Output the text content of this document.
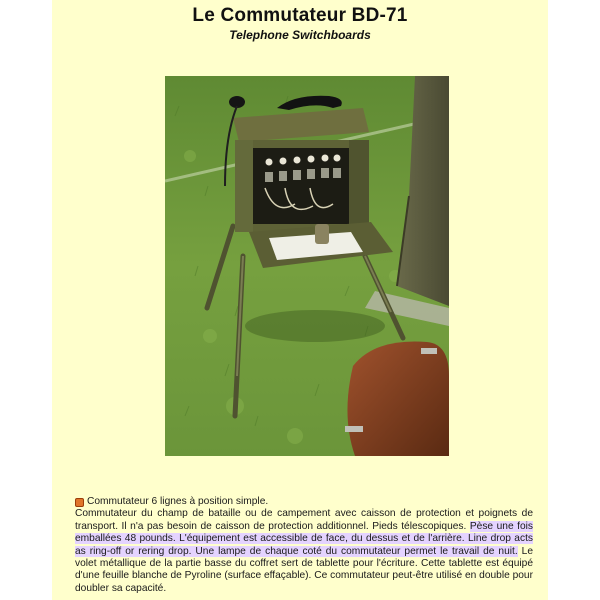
Le Commutateur BD-71
Telephone Switchboards
Commutateur 6 lignes à position simple.
Commutateur du champ de bataille ou de campement avec caisson de protection et poignets de transport. Il n'a pas besoin de caisson de protection additionnel. Pieds télescopiques. Pèse une fois emballées 48 pounds. L'équipement est accessible de face, du dessus et de l'arrière. Line drop acts as ring-off or rering drop. Une lampe de chaque coté du commutateur permet le travail de nuit. Le volet métallique de la partie basse du coffret sert de tablette pour l'écriture. Cette tablette est équipé d'une feuille blanche de Pyroline (surface effaçable). Ce commutateur peut-être utilisé en double pour doubler sa capacité.
